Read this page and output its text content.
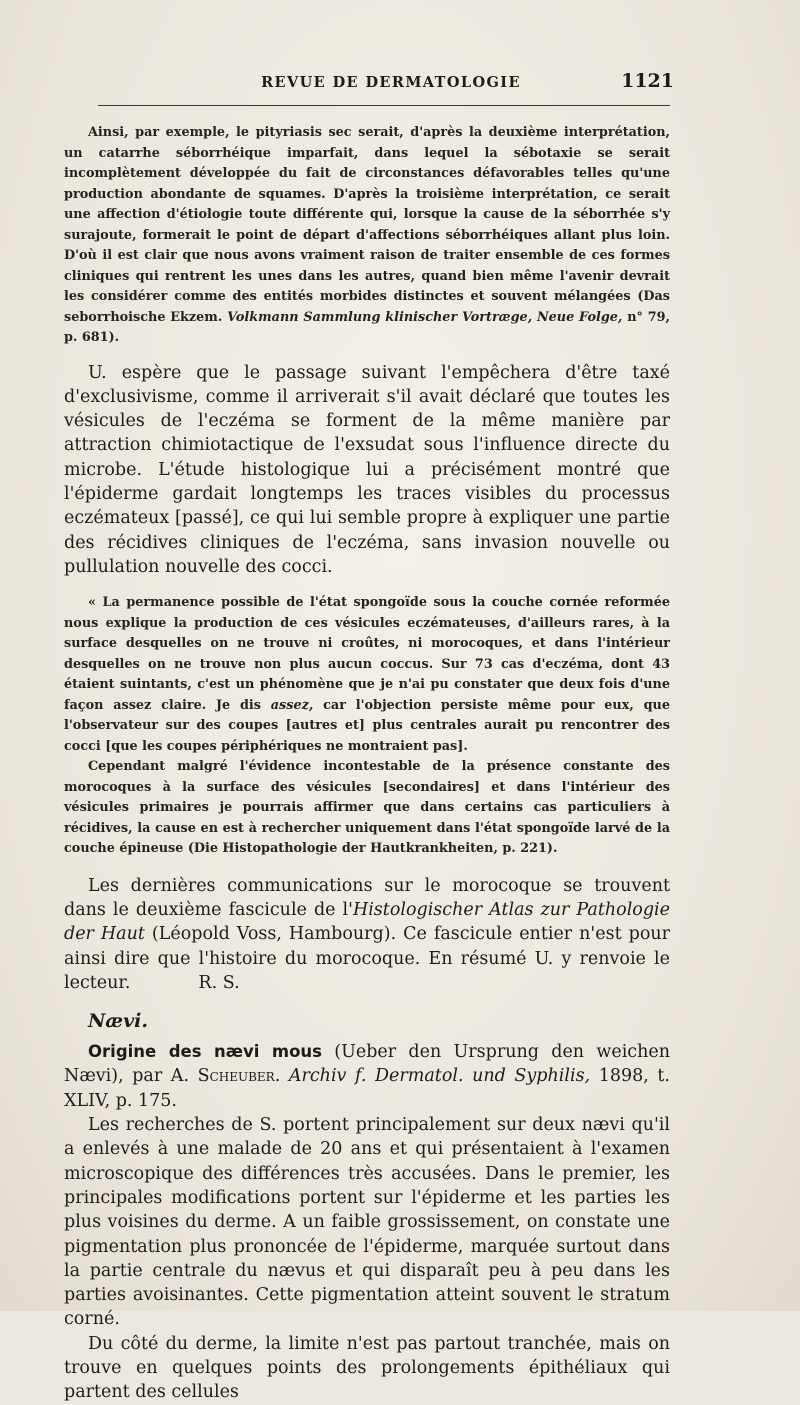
REVUE DE DERMATOLOGIE	1121

Ainsi, par exemple, le pityriasis sec serait, d'après la deuxième interprétation, un catarrhe séborrhéique imparfait, dans lequel la sébotaxie se serait incomplètement développée du fait de circonstances défavorables telles qu'une production abondante de squames. D'après la troisième interprétation, ce serait une affection d'étiologie toute différente qui, lorsque la cause de la séborrhée s'y surajoute, formerait le point de départ d'affections séborrhéiques allant plus loin. D'où il est clair que nous avons vraiment raison de traiter ensemble de ces formes cliniques qui rentrent les unes dans les autres, quand bien même l'avenir devrait les considérer comme des entités morbides distinctes et souvent mélangées (Das seborrhoische Ekzem. Volkmann Sammlung klinischer Vortræge, Neue Folge, n° 79, p. 681).

U. espère que le passage suivant l'empêchera d'être taxé d'exclusivisme, comme il arriverait s'il avait déclaré que toutes les vésicules de l'eczéma se forment de la même manière par attraction chimiotactique de l'exsudat sous l'influence directe du microbe. L'étude histologique lui a précisément montré que l'épiderme gardait longtemps les traces visibles du processus eczémateux [passé], ce qui lui semble propre à expliquer une partie des récidives cliniques de l'eczéma, sans invasion nouvelle ou pullulation nouvelle des cocci.

« La permanence possible de l'état spongoïde sous la couche cornée reformée nous explique la production de ces vésicules eczémateuses, d'ailleurs rares, à la surface desquelles on ne trouve ni croûtes, ni morocoques, et dans l'intérieur desquelles on ne trouve non plus aucun coccus. Sur 73 cas d'eczéma, dont 43 étaient suintants, c'est un phénomène que je n'ai pu constater que deux fois d'une façon assez claire. Je dis assez, car l'objection persiste même pour eux, que l'observateur sur des coupes [autres et] plus centrales aurait pu rencontrer des cocci [que les coupes périphériques ne montraient pas].

Cependant malgré l'évidence incontestable de la présence constante des morocoques à la surface des vésicules [secondaires] et dans l'intérieur des vésicules primaires je pourrais affirmer que dans certains cas particuliers à récidives, la cause en est à rechercher uniquement dans l'état spongoïde larvé de la couche épineuse (Die Histopathologie der Hautkrankheiten, p. 221).

Les dernières communications sur le morocoque se trouvent dans le deuxième fascicule de l'Histologischer Atlas zur Pathologie der Haut (Léopold Voss, Hambourg). Ce fascicule entier n'est pour ainsi dire que l'histoire du morocoque. En résumé U. y renvoie le lecteur.	R. S.

Nævi.

Origine des nævi mous (Ueber den Ursprung den weichen Nævi), par A. Scheuber. Archiv f. Dermatol. und Syphilis, 1898, t. XLIV, p. 175.

Les recherches de S. portent principalement sur deux nævi qu'il a enlevés à une malade de 20 ans et qui présentaient à l'examen microscopique des différences très accusées. Dans le premier, les principales modifications portent sur l'épiderme et les parties les plus voisines du derme. A un faible grossissement, on constate une pigmentation plus prononcée de l'épiderme, marquée surtout dans la partie centrale du nævus et qui disparaît peu à peu dans les parties avoisinantes. Cette pigmentation atteint souvent le stratum corné.

Du côté du derme, la limite n'est pas partout tranchée, mais on trouve en quelques points des prolongements épithéliaux qui partent des cellules
